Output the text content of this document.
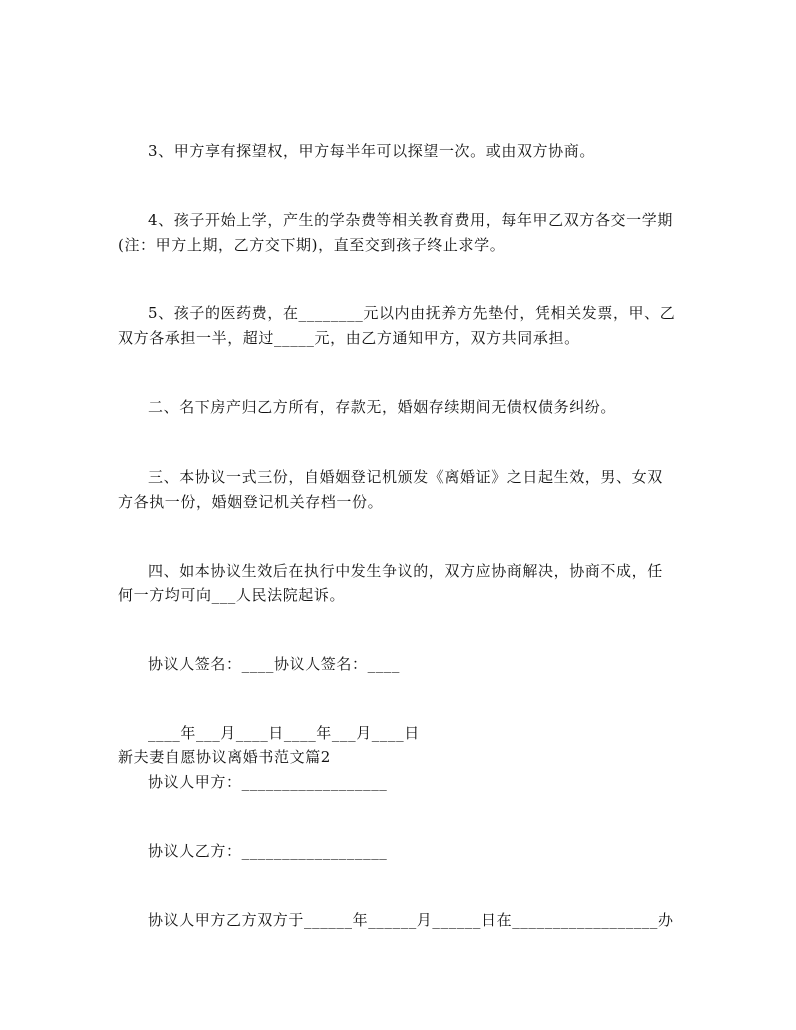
3、甲方享有探望权，甲方每半年可以探望一次。或由双方协商。
4、孩子开始上学，产生的学杂费等相关教育费用，每年甲乙双方各交一学期
(注：甲方上期，乙方交下期)，直至交到孩子终止求学。
5、孩子的医药费，在________元以内由抚养方先垫付，凭相关发票，甲、乙
双方各承担一半，超过_____元，由乙方通知甲方，双方共同承担。
二、名下房产归乙方所有，存款无，婚姻存续期间无债权债务纠纷。
三、本协议一式三份，自婚姻登记机颁发《离婚证》之日起生效，男、女双
方各执一份，婚姻登记机关存档一份。
四、如本协议生效后在执行中发生争议的，双方应协商解决，协商不成，任
何一方均可向___人民法院起诉。
协议人签名：____协议人签名：____
____年___月____日____年___月____日
新夫妻自愿协议离婚书范文篇2
协议人甲方：__________________
协议人乙方：__________________
协议人甲方乙方双方于______年______月______日在__________________办
